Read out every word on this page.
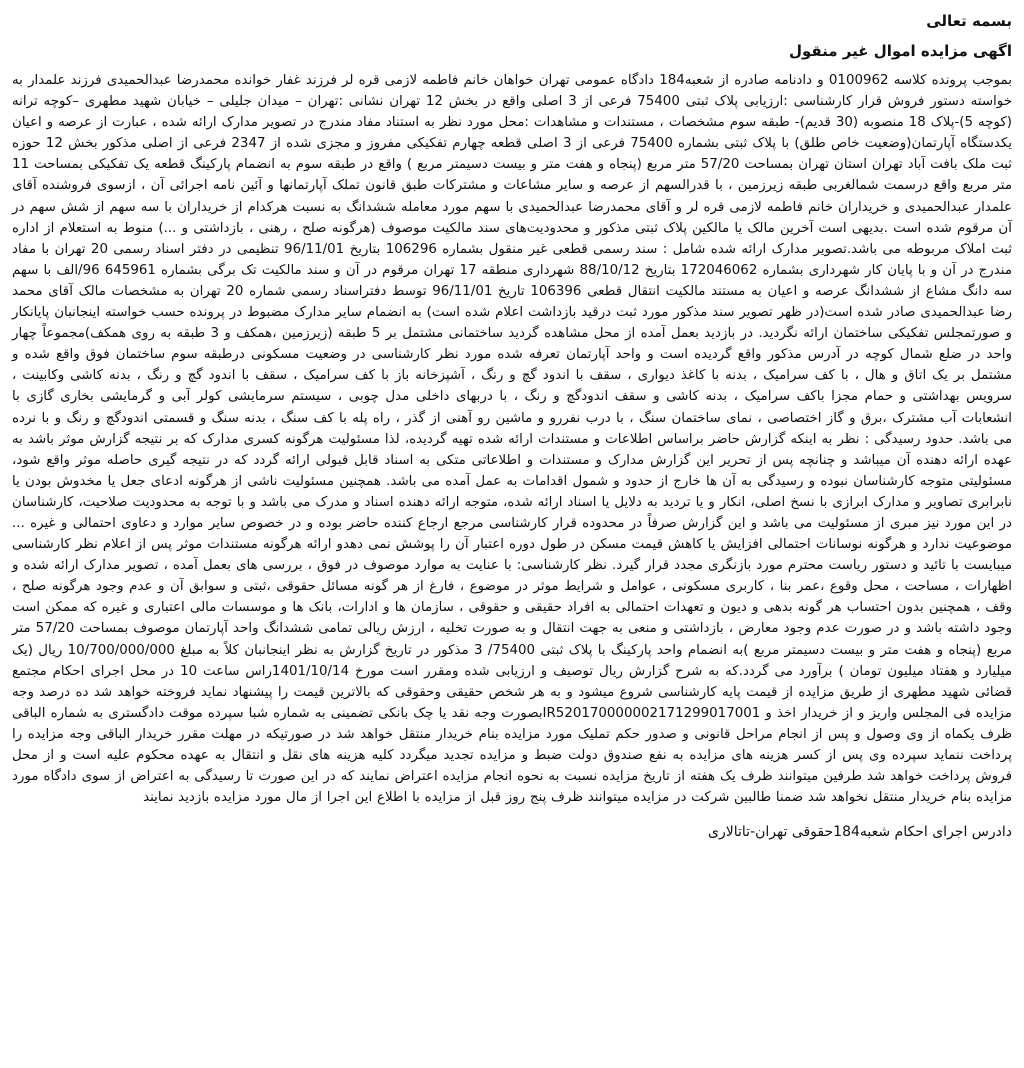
بسمه تعالی
اگهی مزایده اموال غیر منقول

بموجب پرونده کلاسه 0100962 و دادنامه صادره از شعبه184 دادگاه عمومی تهران خواهان خانم فاطمه لازمی قره لر فرزند غفار خوانده محمدرضا عبدالحمیدی فرزند علمدار به خواسته دستور فروش قرار کارشناسی :ارزیابی پلاک ثبتی 75400 فرعی از 3 اصلی واقع در بخش 12 تهران نشانی :تهران – میدان جلیلی – خیابان شهید مطهری –کوچه ترانه (کوچه 5)-پلاک 18 منصوبه (30 قدیم)- طبقه سوم مشخصات ، مستندات و مشاهدات :محل مورد نظر به استناد مفاد مندرج در تصویر مدارک ارائه شده ، عبارت از عرصه و اعیان یکدستگاه آپارتمان(وضعیت خاص طلق) با پلاک ثبتی بشماره 75400 فرعی از 3 اصلی قطعه چهارم تفکیکی مفروز و مجزی شده از 2347 فرعی از اصلی مذکور بخش 12 حوزه ثبت ملک بافت آباد تهران استان تهران بمساحت 57/20 متر مربع (پنجاه و هفت متر و بیست دسیمتر مربع ) واقع در طبقه سوم به انضمام پارکینگ قطعه یک تفکیکی بمساحت 11 متر مربع واقع درسمت شمالغربی طبقه زیرزمین ، با قدرالسهم از عرصه و سایر مشاعات و مشترکات طبق قانون تملک آپارتمانها و آئین نامه اجرائی آن ، ازسوی فروشنده آقای علمدار عبدالحمیدی و خریداران خانم فاطمه لازمی قره لر و آقای محمدرضا عبدالحمیدی با سهم مورد معامله ششدانگ به نسبت هرکدام از خریداران با سه سهم از شش سهم در آن مرقوم شده است .بدیهی است آخرین مالک یا مالکین پلاک ثبتی مذکور و محدودیت‌های سند مالکیت موصوف (هرگونه صلح ، رهنی ، بازداشتی و ...) منوط به استعلام از اداره ثبت املاک مربوطه می باشد.تصویر مدارک ارائه شده شامل : سند رسمی قطعی غیر منقول بشماره 106296 بتاریخ 96/11/01 تنظیمی در دفتر اسناد رسمی 20 تهران با مفاد مندرج در آن و با پایان کار شهرداری بشماره 172046062 بتاریخ 88/10/12 شهرداری منطقه 17 تهران مرقوم در آن و سند مالکیت تک برگی بشماره 645961 96/الف با سهم سه دانگ مشاع از ششدانگ عرصه و اعیان به مستند مالکیت انتقال قطعی 106396 تاریخ 96/11/01 توسط دفتراسناد رسمی شماره 20 تهران به مشخصات مالک آقای محمد رضا عبدالحمیدی صادر شده است(در ظهر تصویر سند مذکور مورد ثبت درقید بازداشت اعلام شده است) به انضمام سایر مدارک مضبوط در پرونده حسب خواسته اینجانبان پایانکار و صورتمجلس تفکیکی ساختمان ارائه نگردید. در بازدید بعمل آمده از محل مشاهده گردید ساختمانی مشتمل بر 5 طبقه (زیرزمین ،همکف و 3 طبقه به روی همکف)مجموعاً چهار واحد در ضلع شمال کوچه در آدرس مذکور واقع گردیده است و واحد آپارتمان تعرفه شده مورد نظر کارشناسی در وضعیت مسکونی درطبقه سوم ساختمان فوق واقع شده و مشتمل بر یک اتاق و هال ، با کف سرامیک ، بدنه با کاغذ دیواری ، سقف با اندود گچ و رنگ ، آشپزخانه باز با کف سرامیک ، سقف با اندود گچ و رنگ ، بدنه کاشی وکابینت ، سرویس بهداشتی و حمام مجزا باکف سرامیک ، بدنه کاشی و سقف اندودگچ و رنگ ، با دربهای داخلی مدل چوبی ، سیستم سرمایشی کولر آبی و گرمایشی بخاری گازی با انشعابات آب مشترک ،برق و گاز اختصاصی ، نمای ساختمان سنگ ، با درب نفررو و ماشین رو آهنی از گذر ، راه پله با کف سنگ ، بدنه سنگ و قسمتی اندودگچ و رنگ و با نرده می باشد. حدود رسیدگی : نظر به اینکه گزارش حاضر براساس اطلاعات و مستندات ارائه شده تهیه گردیده، لذا مسئولیت هرگونه کسری مدارک که بر نتیجه گزارش موثر باشد به عهده ارائه دهنده آن میباشد و چنانچه پس از تحریر این گزارش مدارک و مستندات و اطلاعاتی متکی به اسناد قابل قبولی ارائه گردد که در نتیجه گیری حاصله موثر واقع شود، مسئولیتی متوجه کارشناسان نبوده و رسیدگی به آن ها خارج از حدود و شمول اقدامات به عمل آمده می باشد. همچنین مسئولیت ناشی از هرگونه ادعای جعل یا مخدوش بودن یا نابرابری تصاویر و مدارک ابرازی با نسخ اصلی، انکار و یا تردید به دلایل یا اسناد ارائه شده، متوجه ارائه دهنده اسناد و مدرک می باشد و با توجه به محدودیت صلاحیت، کارشناسان در این مورد نیز مبری از مسئولیت می باشد و این گزارش صرفاً در محدوده قرار کارشناسی مرجع ارجاع کننده حاضر بوده و در خصوص سایر موارد و دعاوی احتمالی و غیره ... موضوعیت ندارد و هرگونه نوسانات احتمالی افزایش یا کاهش قیمت مسکن در طول دوره اعتبار آن را پوشش نمی دهدو ارائه هرگونه مستندات موثر پس از اعلام نظر کارشناسی میبایست با تائید و دستور ریاست محترم مورد بازنگری مجدد قرار گیرد. نظر کارشناسی: با عنایت به موارد موصوف در فوق ، بررسی های بعمل آمده ، تصویر مدارک ارائه شده و اظهارات ، مساحت ، محل وقوع ،عمر بنا ، کاربری مسکونی ، عوامل و شرایط موثر در موضوع ، فارغ از هر گونه مسائل حقوقی ،ثبتی و سوابق آن و عدم وجود هرگونه صلح ، وقف ، همچنین بدون احتساب هر گونه بدهی و دیون و تعهدات احتمالی به افراد حقیقی و حقوقی ، سازمان ها و ادارات، بانک ها و موسسات مالی اعتباری و غیره که ممکن است وجود داشته باشد و در صورت عدم وجود معارض ، بازداشتی و منعی به جهت انتقال و به صورت تخلیه ، ارزش ریالی تمامی ششدانگ واحد آپارتمان موصوف بمساحت 57/20 متر مربع (پنجاه و هفت متر و بیست دسیمتر مربع )به انضمام واحد پارکینگ با پلاک ثبتی 75400/ 3 مذکور در تاریخ گزارش به نظر اینجانبان کلاً به مبلغ 10/700/000/000 ریال (یک میلیارد و هفتاد میلیون تومان ) برآورد می گردد.که به شرح گزارش ریال توصیف و ارزیابی شده ومقرر است مورخ 1401/10/14راس ساعت 10 در محل اجرای احکام مجتمع قضائی شهید مطهری از طریق مزایده از قیمت پایه کارشناسی شروع میشود و به هر شخص حقیقی وحقوقی که بالاترین قیمت را پیشنهاد نماید فروخته خواهد شد ده درصد وجه مزایده فی المجلس واریز و از خریدار اخذ و IR520170000002171299017001بصورت وجه نقد یا چک بانکی تضمینی به شماره شبا سپرده موقت دادگستری به شماره الباقی ظرف یکماه از وی وصول و پس از انجام مراحل قانونی و صدور حکم تملیک مورد مزایده بنام خریدار منتقل خواهد شد در صورتیکه در مهلت مقرر خریدار الباقی وجه مزایده را پرداخت ننماید سپرده وی پس از کسر هزینه های مزایده به نفع صندوق دولت ضبط و مزایده تجدید میگردد کلیه هزینه های نقل و انتقال به عهده محکوم علیه است و از محل فروش پرداخت خواهد شد طرفین میتوانند ظرف یک هفته از تاریخ مزایده نسبت به نحوه انجام مزایده اعتراض نمایند که در این صورت تا رسیدگی به اعتراض از سوی دادگاه مورد مزایده بنام خریدار منتقل نخواهد شد ضمنا طالبین شرکت در مزایده میتوانند ظرف پنج روز قبل از مزایده با اطلاع این اجرا از مال مورد مزایده بازدید نمایند

دادرس اجرای احکام شعبه184حقوقی تهران-تاتالاری
